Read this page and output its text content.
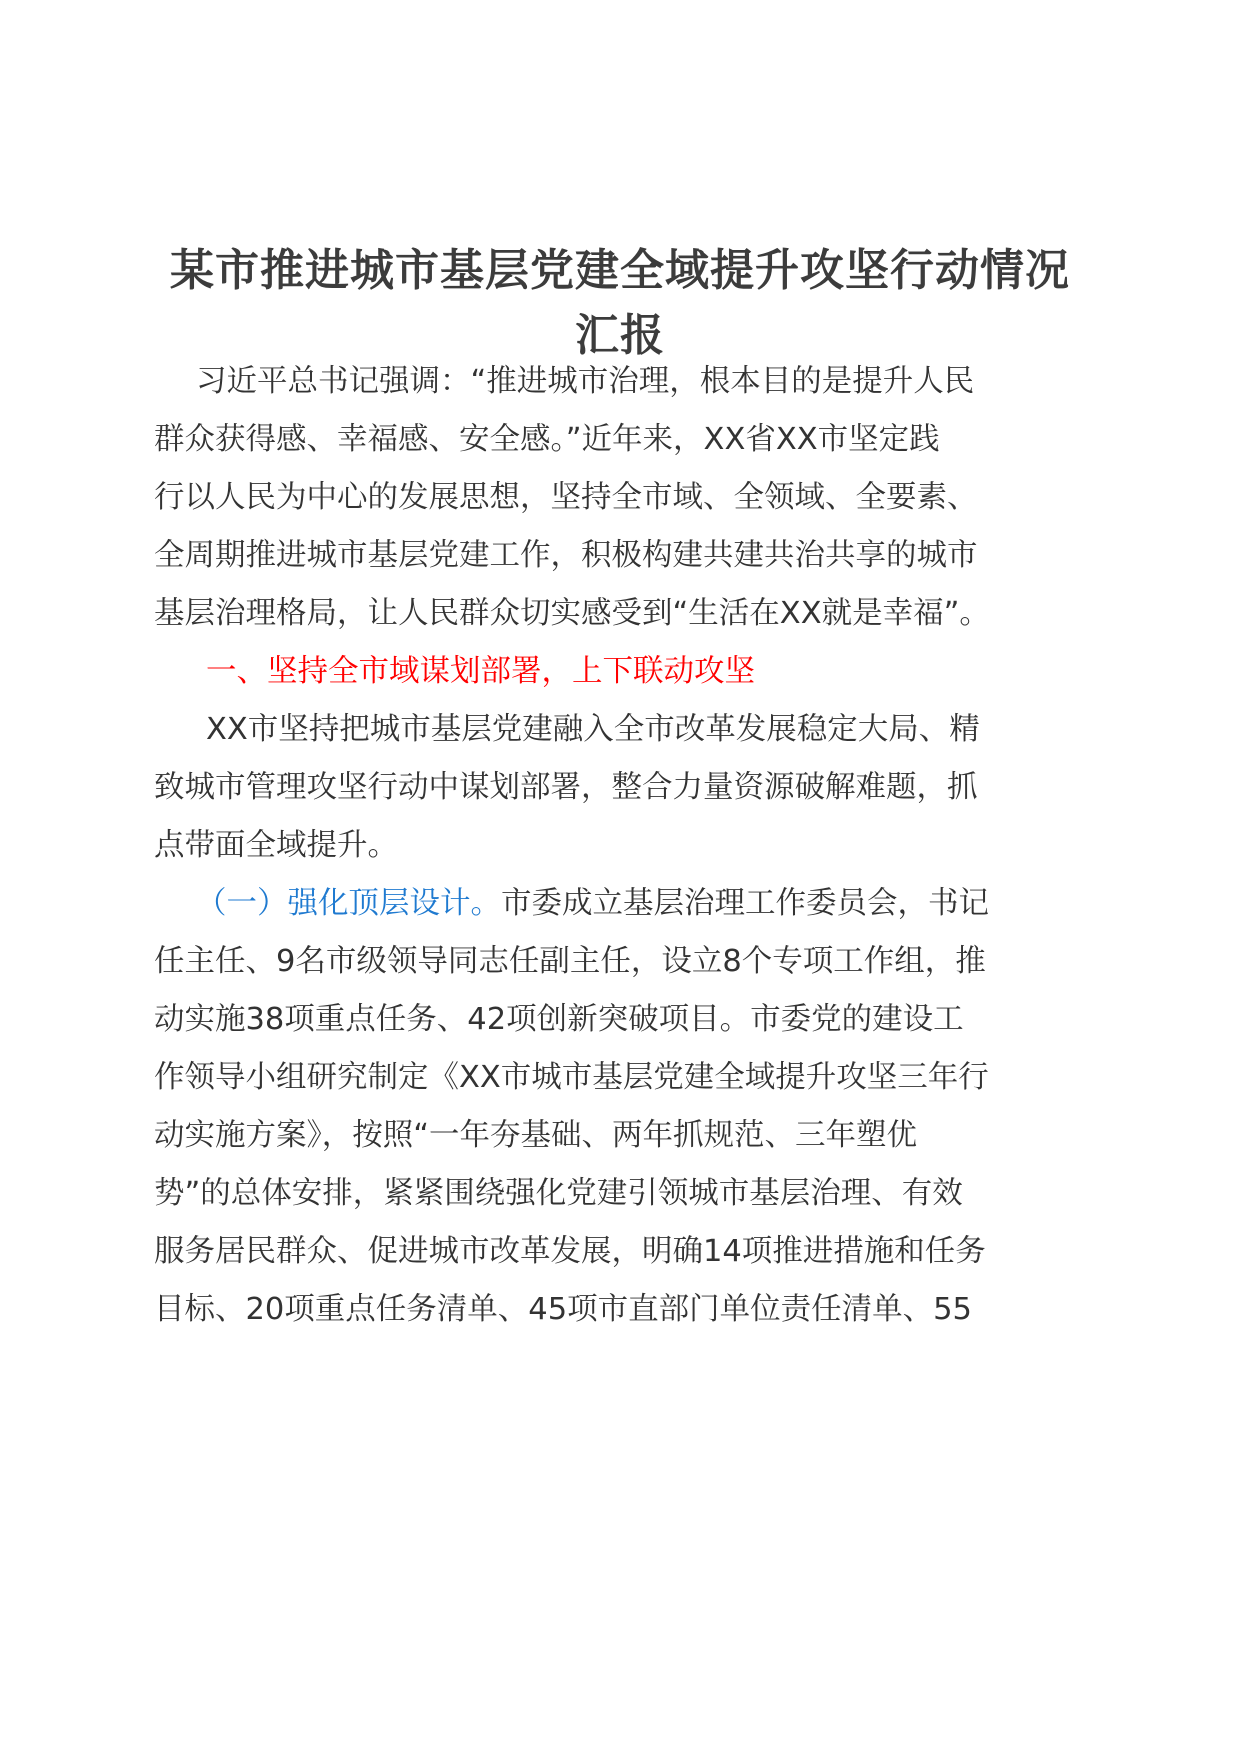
某市推进城市基层党建全域提升攻坚行动情况
汇报
习近平总书记强调：“推进城市治理，根本目的是提升人民
群众获得感、幸福感、安全感。”近年来，XX省XX市坚定践
行以人民为中心的发展思想，坚持全市域、全领域、全要素、
全周期推进城市基层党建工作，积极构建共建共治共享的城市
基层治理格局，让人民群众切实感受到“生活在XX就是幸福”。
一、坚持全市域谋划部署，上下联动攻坚
XX市坚持把城市基层党建融入全市改革发展稳定大局、精
致城市管理攻坚行动中谋划部署，整合力量资源破解难题，抓
点带面全域提升。
（一）强化顶层设计。市委成立基层治理工作委员会，书记
任主任、9名市级领导同志任副主任，设立8个专项工作组，推
动实施38项重点任务、42项创新突破项目。市委党的建设工
作领导小组研究制定《XX市城市基层党建全域提升攻坚三年行
动实施方案》，按照“一年夯基础、两年抓规范、三年塑优
势”的总体安排，紧紧围绕强化党建引领城市基层治理、有效
服务居民群众、促进城市改革发展，明确14项推进措施和任务
目标、20项重点任务清单、45项市直部门单位责任清单、55
